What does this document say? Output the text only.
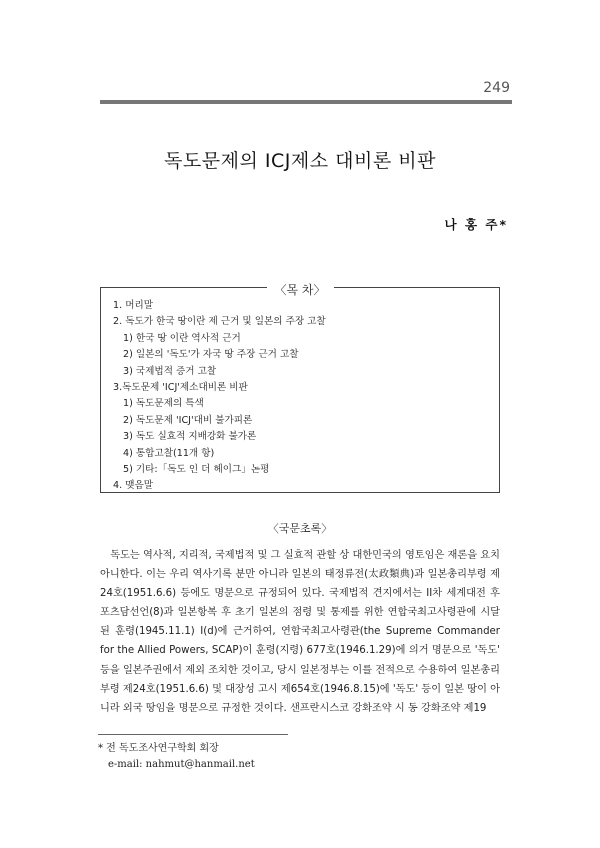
249
독도문제의 ICJ제소 대비론 비판
나 홍 주*
〈목 차〉
1. 머리말
2. 독도가 한국 땅이란 제 근거 및 일본의 주장 고찰
1) 한국 땅 이란 역사적 근거
2) 일본의 '독도'가 자국 땅 주장 근거 고찰
3) 국제법적 증거 고찰
3.독도문제 'ICJ'제소대비론 비판
1) 독도문제의 특색
2) 독도문제 'ICJ'대비 불가피론
3) 독도 실효적 지배강화 불가론
4) 통합고찰(11개 항)
5) 기타:「독도 인 더 헤이그」논평
4. 맺음말
〈국문초록〉

　독도는 역사적, 지리적, 국제법적 및 그 실효적 관할 상 대한민국의 영토임은 재론을 요치 아니한다. 이는 우리 역사기록 분만 아니라 일본의 태정류전(太政類典)과 일본총리부령 제24호(1951.6.6) 등에도 명문으로 규정되어 있다. 국제법적 견지에서는 II차 세계대전 후 포츠담선언(8)과 일본항복 후 초기 일본의 점령 및 통제를 위한 연합국최고사령관에 시달된 훈령(1945.11.1) I(d)에 근거하여, 연합국최고사령관(the Supreme Commander for the Allied Powers, SCAP)이 훈령(지령) 677호(1946.1.29)에 의거 명문으로 '독도' 등을 일본주권에서 제외 조치한 것이고, 당시 일본정부는 이를 전적으로 수용하여 일본총리부령 제24호(1951.6.6) 및 대장성 고시 제654호(1946.8.15)에 '독도' 등이 일본 땅이 아니라 외국 땅임을 명문으로 규정한 것이다. 샌프란시스코 강화조약 시 동 강화조약 제19

* 전 독도조사연구학회 회장
e-mail: nahmut@hanmail.net
